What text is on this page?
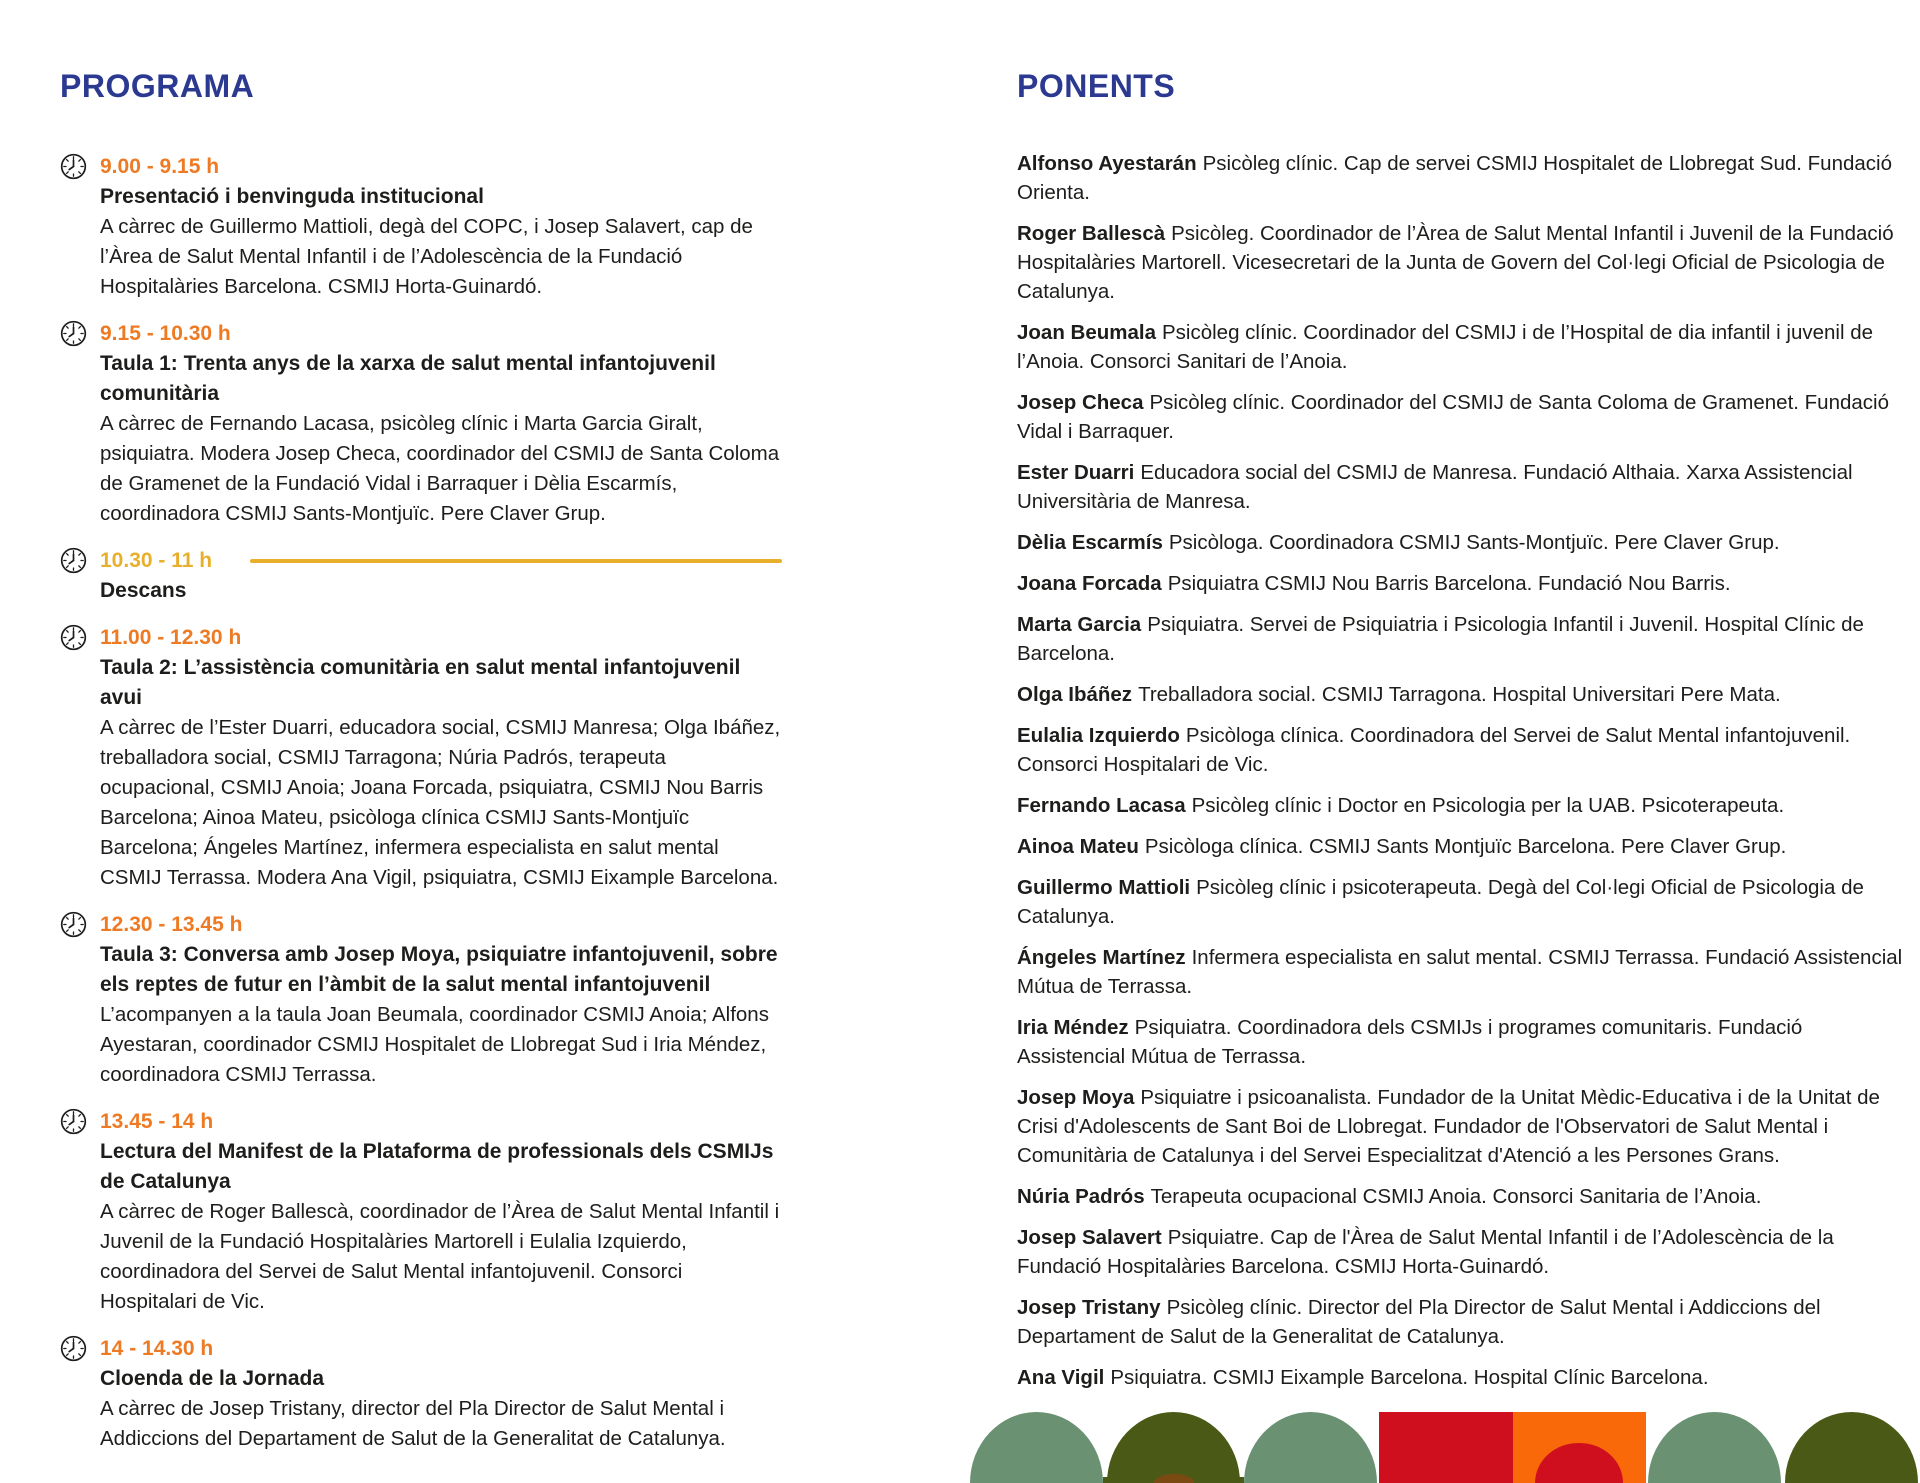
PROGRAMA
9.00 - 9.15 h
Presentació i benvinguda institucional

A càrrec de Guillermo Mattioli, degà del COPC, i Josep Salavert, cap de l’Àrea de Salut Mental Infantil i de l’Adolescència de la Fundació Hospitalàries Barcelona. CSMIJ Horta-Guinardó.

9.15 - 10.30 h
Taula 1: Trenta anys de la xarxa de salut mental infantojuvenil comunitària

A càrrec de Fernando Lacasa, psicòleg clínic i Marta Garcia Giralt, psiquiatra. Modera Josep Checa, coordinador del CSMIJ de Santa Coloma de Gramenet de la Fundació Vidal i Barraquer i Dèlia Escarmís, coordinadora CSMIJ Sants-Montjuïc. Pere Claver Grup.

10.30 - 11 h
Descans
11.00 - 12.30 h
Taula 2: L’assistència comunitària en salut mental infantojuvenil avui

A càrrec de l’Ester Duarri, educadora social, CSMIJ Manresa; Olga Ibáñez, treballadora social, CSMIJ Tarragona; Núria Padrós, terapeuta ocupacional, CSMIJ Anoia; Joana Forcada, psiquiatra, CSMIJ Nou Barris Barcelona; Ainoa Mateu, psicòloga clínica CSMIJ Sants-Montjuïc Barcelona; Ángeles Martínez, infermera especialista en salut mental CSMIJ Terrassa. Modera Ana Vigil, psiquiatra, CSMIJ Eixample Barcelona.

12.30 - 13.45 h
Taula 3: Conversa amb Josep Moya, psiquiatre infantojuvenil, sobre els reptes de futur en l’àmbit de la salut mental infantojuvenil

L’acompanyen a la taula Joan Beumala, coordinador CSMIJ Anoia; Alfons Ayestaran, coordinador CSMIJ Hospitalet de Llobregat Sud i Iria Méndez, coordinadora CSMIJ Terrassa.

13.45 - 14 h
Lectura del Manifest de la Plataforma de professionals dels CSMIJs de Catalunya

A càrrec de Roger Ballescà, coordinador de l’Àrea de Salut Mental Infantil i Juvenil de la Fundació Hospitalàries Martorell i Eulalia Izquierdo, coordinadora del Servei de Salut Mental infantojuvenil. Consorci Hospitalari de Vic.

14 - 14.30 h
Cloenda de la Jornada

A càrrec de Josep Tristany, director del Pla Director de Salut Mental i Addiccions del Departament de Salut de la Generalitat de Catalunya.

PONENTS

Alfonso Ayestarán Psicòleg clínic. Cap de servei CSMIJ Hospitalet de Llobregat Sud. Fundació Orienta.

Roger Ballescà Psicòleg. Coordinador de l’Àrea de Salut Mental Infantil i Juvenil de la Fundació Hospitalàries Martorell. Vicesecretari de la Junta de Govern del Col·legi Oficial de Psicologia de Catalunya.

Joan Beumala Psicòleg clínic. Coordinador del CSMIJ i de l’Hospital de dia infantil i juvenil de l’Anoia. Consorci Sanitari de l’Anoia.

Josep Checa Psicòleg clínic. Coordinador del CSMIJ de Santa Coloma de Gramenet. Fundació Vidal i Barraquer.

Ester Duarri Educadora social del CSMIJ de Manresa. Fundació Althaia. Xarxa Assistencial Universitària de Manresa.

Dèlia Escarmís Psicòloga. Coordinadora CSMIJ Sants-Montjuïc. Pere Claver Grup.

Joana Forcada Psiquiatra CSMIJ Nou Barris Barcelona. Fundació Nou Barris.

Marta Garcia Psiquiatra. Servei de Psiquiatria i Psicologia Infantil i Juvenil. Hospital Clínic de Barcelona.

Olga Ibáñez Treballadora social. CSMIJ Tarragona. Hospital Universitari Pere Mata.

Eulalia Izquierdo Psicòloga clínica. Coordinadora del Servei de Salut Mental infantojuvenil. Consorci Hospitalari de Vic.

Fernando Lacasa Psicòleg clínic i Doctor en Psicologia per la UAB. Psicoterapeuta.

Ainoa Mateu Psicòloga clínica. CSMIJ Sants Montjuïc Barcelona. Pere Claver Grup.

Guillermo Mattioli Psicòleg clínic i psicoterapeuta. Degà del Col·legi Oficial de Psicologia de Catalunya.

Ángeles Martínez Infermera especialista en salut mental. CSMIJ Terrassa. Fundació Assistencial Mútua de Terrassa.

Iria Méndez Psiquiatra. Coordinadora dels CSMIJs i programes comunitaris. Fundació Assistencial Mútua de Terrassa.

Josep Moya Psiquiatre i psicoanalista. Fundador de la Unitat Mèdic-Educativa i de la Unitat de Crisi d'Adolescents de Sant Boi de Llobregat. Fundador de l'Observatori de Salut Mental i Comunitària de Catalunya i del Servei Especialitzat d'Atenció a les Persones Grans.

Núria Padrós Terapeuta ocupacional CSMIJ Anoia. Consorci Sanitaria de l’Anoia.

Josep Salavert Psiquiatre. Cap de l'Àrea de Salut Mental Infantil i de l’Adolescència de la Fundació Hospitalàries Barcelona. CSMIJ Horta-Guinardó.

Josep Tristany Psicòleg clínic. Director del Pla Director de Salut Mental i Addiccions del Departament de Salut de la Generalitat de Catalunya.

Ana Vigil Psiquiatra. CSMIJ Eixample Barcelona. Hospital Clínic Barcelona.
